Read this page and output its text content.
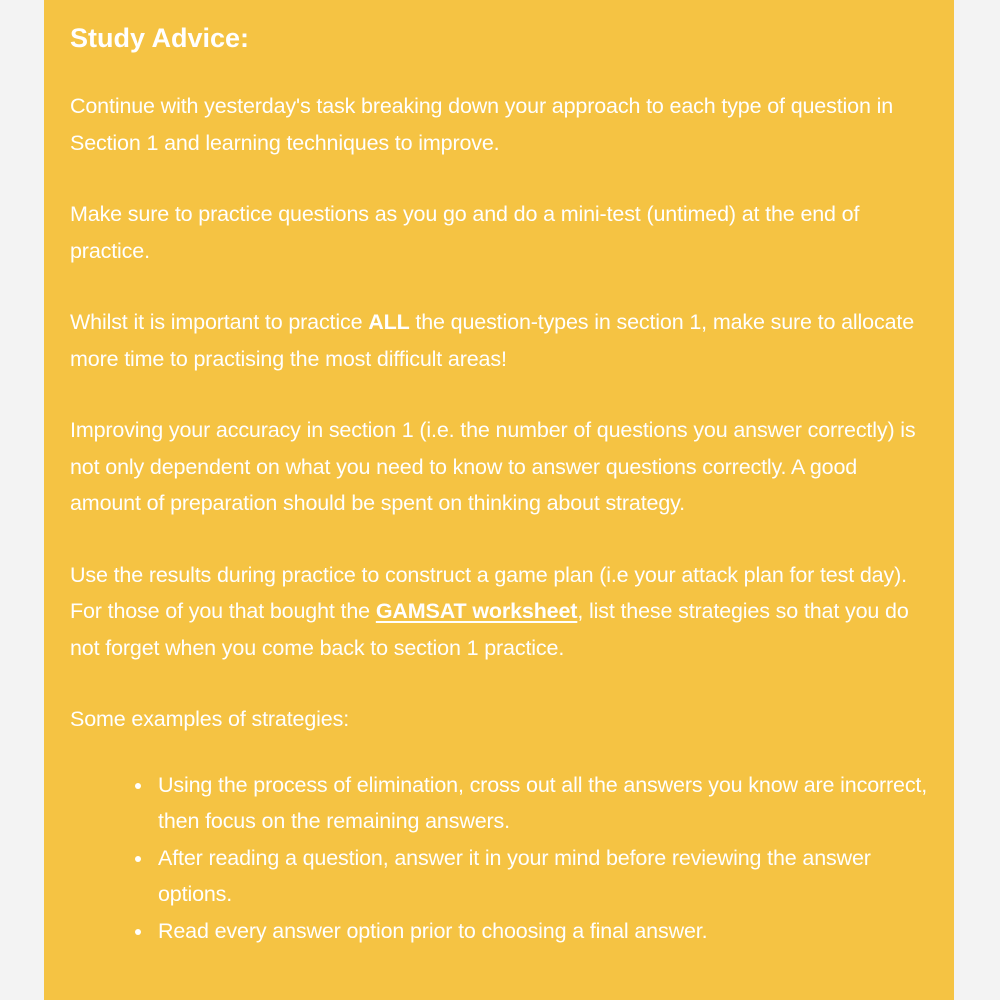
Study Advice:

Continue with yesterday's task breaking down your approach to each type of question in Section 1 and learning techniques to improve.

Make sure to practice questions as you go and do a mini-test (untimed) at the end of practice.

Whilst it is important to practice ALL the question-types in section 1, make sure to allocate more time to practising the most difficult areas!

Improving your accuracy in section 1 (i.e. the number of questions you answer correctly) is not only dependent on what you need to know to answer questions correctly. A good amount of preparation should be spent on thinking about strategy.

Use the results during practice to construct a game plan (i.e your attack plan for test day). For those of you that bought the GAMSAT worksheet, list these strategies so that you do not forget when you come back to section 1 practice.

Some examples of strategies:

• Using the process of elimination, cross out all the answers you know are incorrect, then focus on the remaining answers.
• After reading a question, answer it in your mind before reviewing the answer options.
• Read every answer option prior to choosing a final answer.
